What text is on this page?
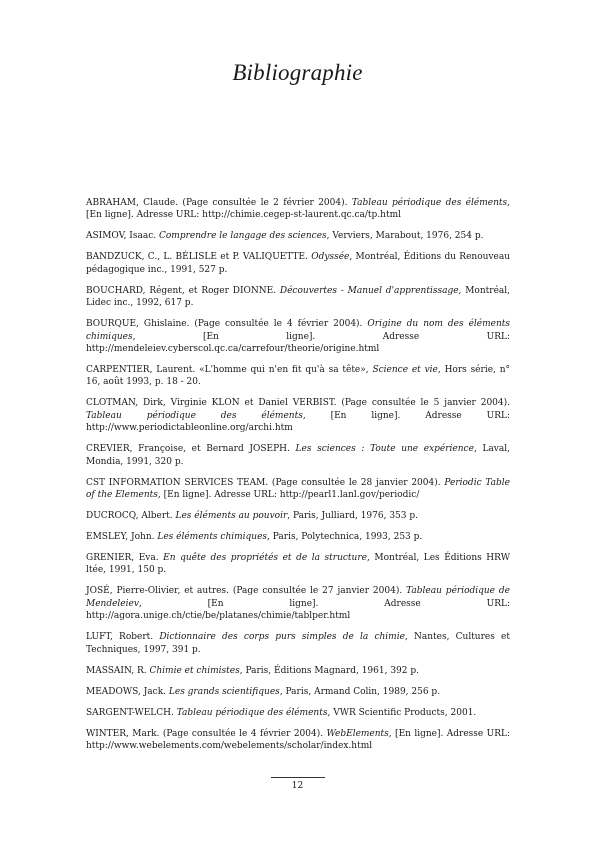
Bibliographie
ABRAHAM, Claude. (Page consultée le 2 février 2004). Tableau périodique des éléments, [En ligne]. Adresse URL: http://chimie.cegep-st-laurent.qc.ca/tp.html
ASIMOV, Isaac. Comprendre le langage des sciences, Verviers, Marabout, 1976, 254 p.
BANDZUCK, C., L. BÉLISLE et P. VALIQUETTE. Odyssée, Montréal, Éditions du Renouveau pédagogique inc., 1991, 527 p.
BOUCHARD, Régent, et Roger DIONNE. Découvertes - Manuel d'apprentissage, Montréal, Lidec inc., 1992, 617 p.
BOURQUE, Ghislaine. (Page consultée le 4 février 2004). Origine du nom des éléments chimiques, [En ligne]. Adresse URL: http://mendeleiev.cyberscol.qc.ca/carrefour/theorie/origine.html
CARPENTIER, Laurent. «L'homme qui n'en fit qu'à sa tête», Science et vie, Hors série, n° 16, août 1993, p. 18 - 20.
CLOTMAN, Dirk, Virginie KLON et Daniel VERBIST. (Page consultée le 5 janvier 2004). Tableau périodique des éléments, [En ligne]. Adresse URL: http://www.periodictableonline.org/archi.htm
CREVIER, Françoise, et Bernard JOSEPH. Les sciences : Toute une expérience, Laval, Mondia, 1991, 320 p.
CST INFORMATION SERVICES TEAM. (Page consultée le 28 janvier 2004). Periodic Table of the Elements, [En ligne]. Adresse URL: http://pearl1.lanl.gov/periodic/
DUCROCQ, Albert. Les éléments au pouvoir, Paris, Julliard, 1976, 353 p.
EMSLEY, John. Les éléments chimiques, Paris, Polytechnica, 1993, 253 p.
GRENIER, Eva. En quête des propriétés et de la structure, Montréal, Les Éditions HRW ltée, 1991, 150 p.
JOSÉ, Pierre-Olivier, et autres. (Page consultée le 27 janvier 2004). Tableau périodique de Mendeleiev, [En ligne]. Adresse URL: http://agora.unige.ch/ctie/be/platanes/chimie/tablper.html
LUFT, Robert. Dictionnaire des corps purs simples de la chimie, Nantes, Cultures et Techniques, 1997, 391 p.
MASSAIN, R. Chimie et chimistes, Paris, Éditions Magnard, 1961, 392 p.
MEADOWS, Jack. Les grands scientifiques, Paris, Armand Colin, 1989, 256 p.
SARGENT-WELCH. Tableau périodique des éléments, VWR Scientific Products, 2001.
WINTER, Mark. (Page consultée le 4 février 2004). WebElements, [En ligne]. Adresse URL: http://www.webelements.com/webelements/scholar/index.html
12
